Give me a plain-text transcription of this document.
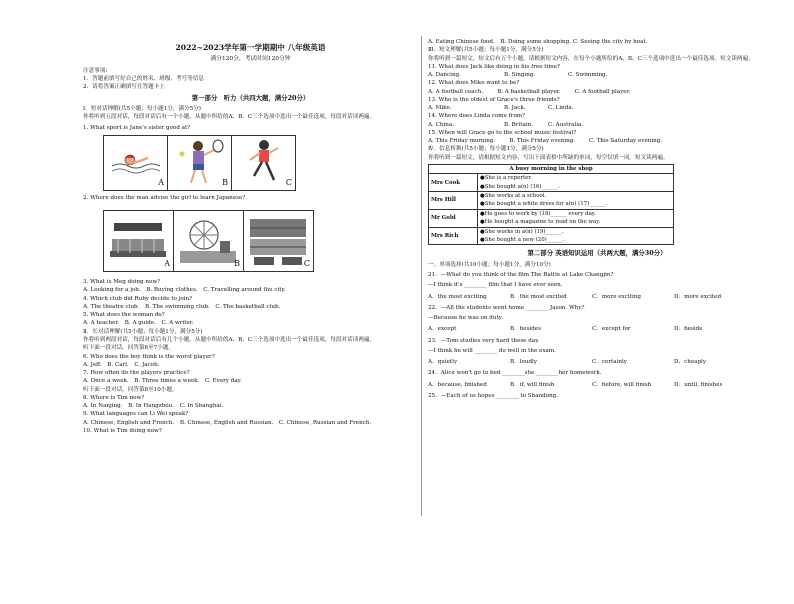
2022~2023学年第一学期期中 八年级英语
满分120分，考试时间120分钟

注意事项:

1．答题前填写好自己的姓名、班级、考号等信息

2．请将答案正确填写在答题卡上

第一部分　听力（共四大题，满分20分）

Ⅰ．短对话理解(共5小题；每小题1分，满分5分)

你将听到五段对话，每段对话后有一个小题，从题中所给的A、B、C三个选项中选出一个最佳选项，每段对话读两遍。

1. What sport is Jane's sister good at?

A	B	C

2. Where does the man advise the girl to learn Japanese?

A	B	C

3. What is Meg doing now?

A. Looking for a job.　B. Buying clothes.　C. Travelling around the city.

4. Which club did Ruby decide to join?

A. The theatre club.　B. The swimming club.　C. The basketball club.

5. What does the woman do?

A. A teacher.　B. A guide.　C. A writer.

Ⅱ．长对话理解(共5小题；每小题1分，满分5分)

你将听到两段对话，每段对话后有几个小题，从题中所给的A、B、C三个选项中选出一个最佳选项，每段对话读两遍。

听下面一段对话，回答第6至7小题。

6. Who does the boy think is the worst player?

A. Jeff.　B. Carl.　C. Jacob.

7. How often do the players practice?

A. Once a week.　B. Three times a week.　C. Every day.

听下面一段对话，回答第8至10小题。

8. Where is Tim now?

A. In Nanjing.　B. In Hangzhou.　C. In Shanghai.

9. What languages can Li Wei speak?

A. Chinese, English and French.　B. Chinese, English and Russian.　C. Chinese, Russian and French.

10. What is Tim doing now?

A. Eating Chinese food.　B. Doing some shopping. C. Seeing the city by boat.

Ⅲ．短文理解(共5小题；每小题1分，满分5分)

你将听到一篇短文，短文后有五个小题。请根据短文内容，在每个小题所给的A、B、C三个选项中选出一个最佳选项。短文读两遍。

11. What does Jack like doing in his free time?

A. Dancing.	B. Singing.	C. Swimming.

12. What does Mike want to be?

A. A football coach.	B. A basketball player.	C. A football player.

13. Who is the oldest of Grace's three friends?

A. Mike.	B. Jack.	C. Linda.

14. Where does Linda come from?

A. China.	B. Britain.	C. Australia.

15. When will Grace go to the school music festival?

A. This Friday morning.	B. This Friday evening.	C. This Saturday evening.

Ⅳ．信息转换(共5小题；每小题1分，满分5分)

你将听到一篇短文，请根据短文内容，写出下面表格中所缺的单词，每空仅填一词。短文读两遍。

A busy morning in the shop	
Mrs Cook	●She is a reporter.
●She bought a(n) (16)______.

Mrs Hill	●She works at a school.
●She bought a white dress for a(n) (17)______.

Mr Gold	●He goes to work by (18)______ every day.
●He bought a magazine to read on the way.

Mrs Rich	●She works in a(n) (19)______.
●She bought a new (20)______.
第二部分 英语知识运用（共两大题，满分30分）

一、单项选择(共10小题；每小题1分，满分10分)

21．—What do you think of the film The Battle at Lake Changjin?

—I think it's ________ film that I have ever seen.

A．the most exciting	B．the most excited	C．more exciting	D．more excited

22．—All the students went home ________ Jason. Why?

—Because he was on duty.

A．except	B．besides	C．except for	D．beside

23．—Tom studies very hard these day.

—I think he will ________ do well in the exam.

A．quietly	B．loudly	C．certainly	D．cheaply

24．Alice won't go to bed ________she ________her homework.

A．because, finished	B．if, will finish	C．before, will finish	D．until, finishes

25．—Each of us hopes ________ to Shandong.
